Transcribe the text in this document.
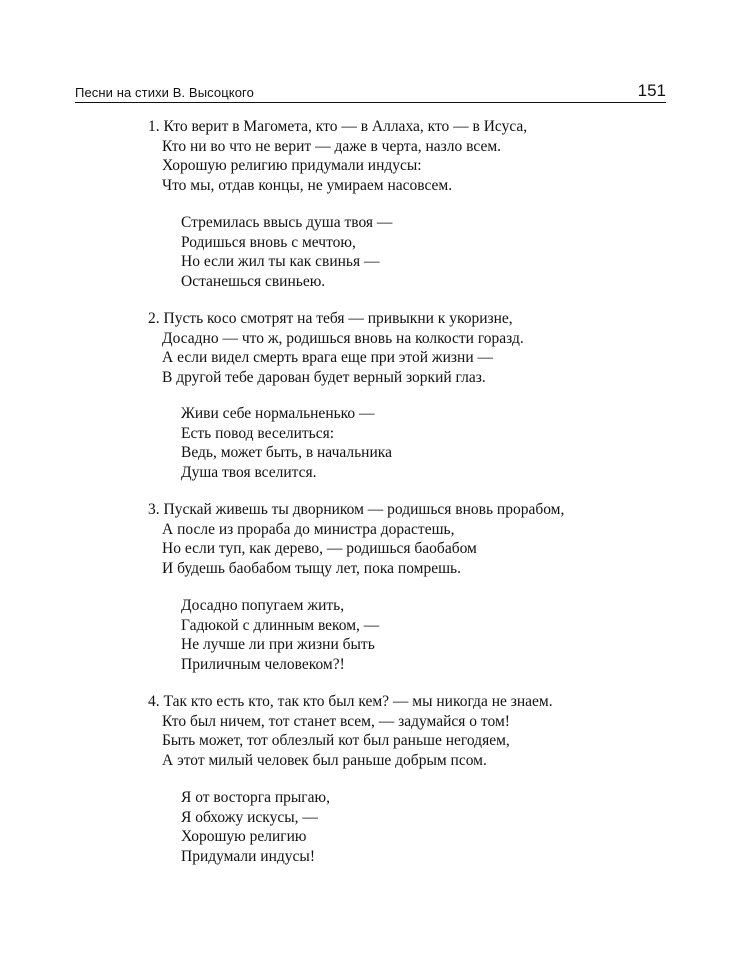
Песни на стихи В. Высоцкого	151
1. Кто верит в Магомета, кто — в Аллаха, кто — в Исуса,
Кто ни во что не верит — даже в черта, назло всем.
Хорошую религию придумали индусы:
Что мы, отдав концы, не умираем насовсем.
Стремилась ввысь душа твоя —
Родишься вновь с мечтою,
Но если жил ты как свинья —
Останешься свиньею.
2. Пусть косо смотрят на тебя — привыкни к укоризне,
Досадно — что ж, родишься вновь на колкости горазд.
А если видел смерть врага еще при этой жизни —
В другой тебе дарован будет верный зоркий глаз.
Живи себе нормальненько —
Есть повод веселиться:
Ведь, может быть, в начальника
Душа твоя вселится.
3. Пускай живешь ты дворником — родишься вновь прорабом,
А после из прораба до министра дорастешь,
Но если туп, как дерево, — родишься баобабом
И будешь баобабом тыщу лет, пока помрешь.
Досадно попугаем жить,
Гадюкой с длинным веком, —
Не лучше ли при жизни быть
Приличным человеком?!
4. Так кто есть кто, так кто был кем? — мы никогда не знаем.
Кто был ничем, тот станет всем, — задумайся о том!
Быть может, тот облезлый кот был раньше негодяем,
А этот милый человек был раньше добрым псом.
Я от восторга прыгаю,
Я обхожу искусы, —
Хорошую религию
Придумали индусы!
